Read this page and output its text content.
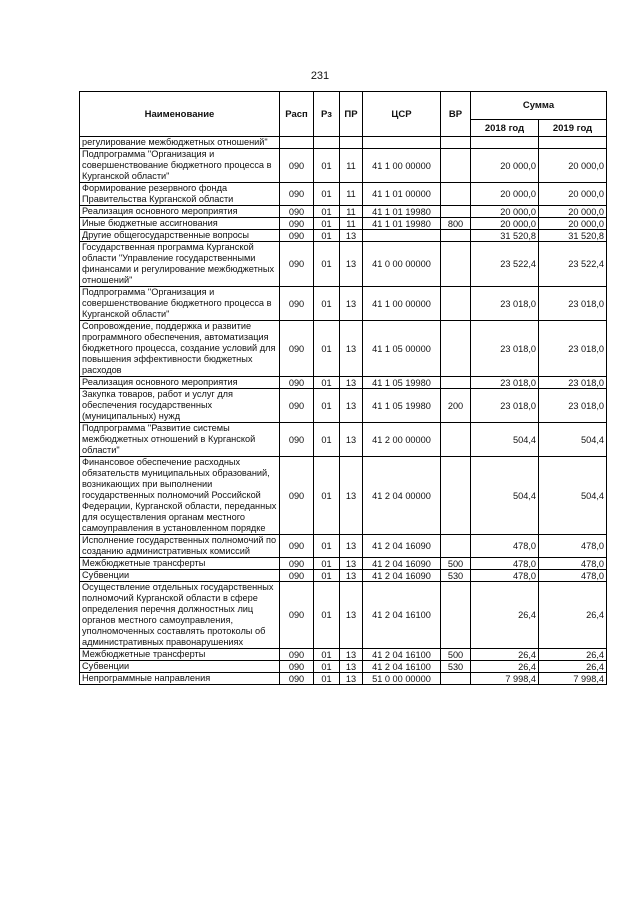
231
Наименование	Расп	Рз	ПР	ЦСР	ВР	Сумма	
						2018 год	2019 год
регулирование межбюджетных отношений"							
Подпрограмма "Организация и совершенствование бюджетного процесса в Курганской области"	090	01	11	41 1 00 00000		20 000,0	20 000,0
Формирование резервного фонда Правительства Курганской области	090	01	11	41 1 01 00000		20 000,0	20 000,0
Реализация основного мероприятия	090	01	11	41 1 01 19980		20 000,0	20 000,0
Иные бюджетные ассигнования	090	01	11	41 1 01 19980	800	20 000,0	20 000,0
Другие общегосударственные вопросы	090	01	13			31 520,8	31 520,8
Государственная программа Курганской области "Управление государственными финансами и регулирование межбюджетных отношений"	090	01	13	41 0 00 00000		23 522,4	23 522,4
Подпрограмма "Организация и совершенствование бюджетного процесса в Курганской области"	090	01	13	41 1 00 00000		23 018,0	23 018,0
Сопровождение, поддержка и развитие программного обеспечения, автоматизация бюджетного процесса, создание условий для повышения эффективности бюджетных расходов	090	01	13	41 1 05 00000		23 018,0	23 018,0
Реализация основного мероприятия	090	01	13	41 1 05 19980		23 018,0	23 018,0
Закупка товаров, работ и услуг для обеспечения государственных (муниципальных) нужд	090	01	13	41 1 05 19980	200	23 018,0	23 018,0
Подпрограмма "Развитие системы межбюджетных отношений в Курганской области"	090	01	13	41 2 00 00000		504,4	504,4
Финансовое обеспечение расходных обязательств муниципальных образований, возникающих при выполнении государственных полномочий Российской Федерации, Курганской области, переданных для осуществления органам местного самоуправления в установленном порядке	090	01	13	41 2 04 00000		504,4	504,4
Исполнение государственных полномочий по созданию административных комиссий	090	01	13	41 2 04 16090		478,0	478,0
Межбюджетные трансферты	090	01	13	41 2 04 16090	500	478,0	478,0
Субвенции	090	01	13	41 2 04 16090	530	478,0	478,0
Осуществление отдельных государственных полномочий Курганской области в сфере определения перечня должностных лиц органов местного самоуправления, уполномоченных составлять протоколы об административных правонарушениях	090	01	13	41 2 04 16100		26,4	26,4
Межбюджетные трансферты	090	01	13	41 2 04 16100	500	26,4	26,4
Субвенции	090	01	13	41 2 04 16100	530	26,4	26,4
Непрограммные направления	090	01	13	51 0 00 00000		7 998,4	7 998,4
